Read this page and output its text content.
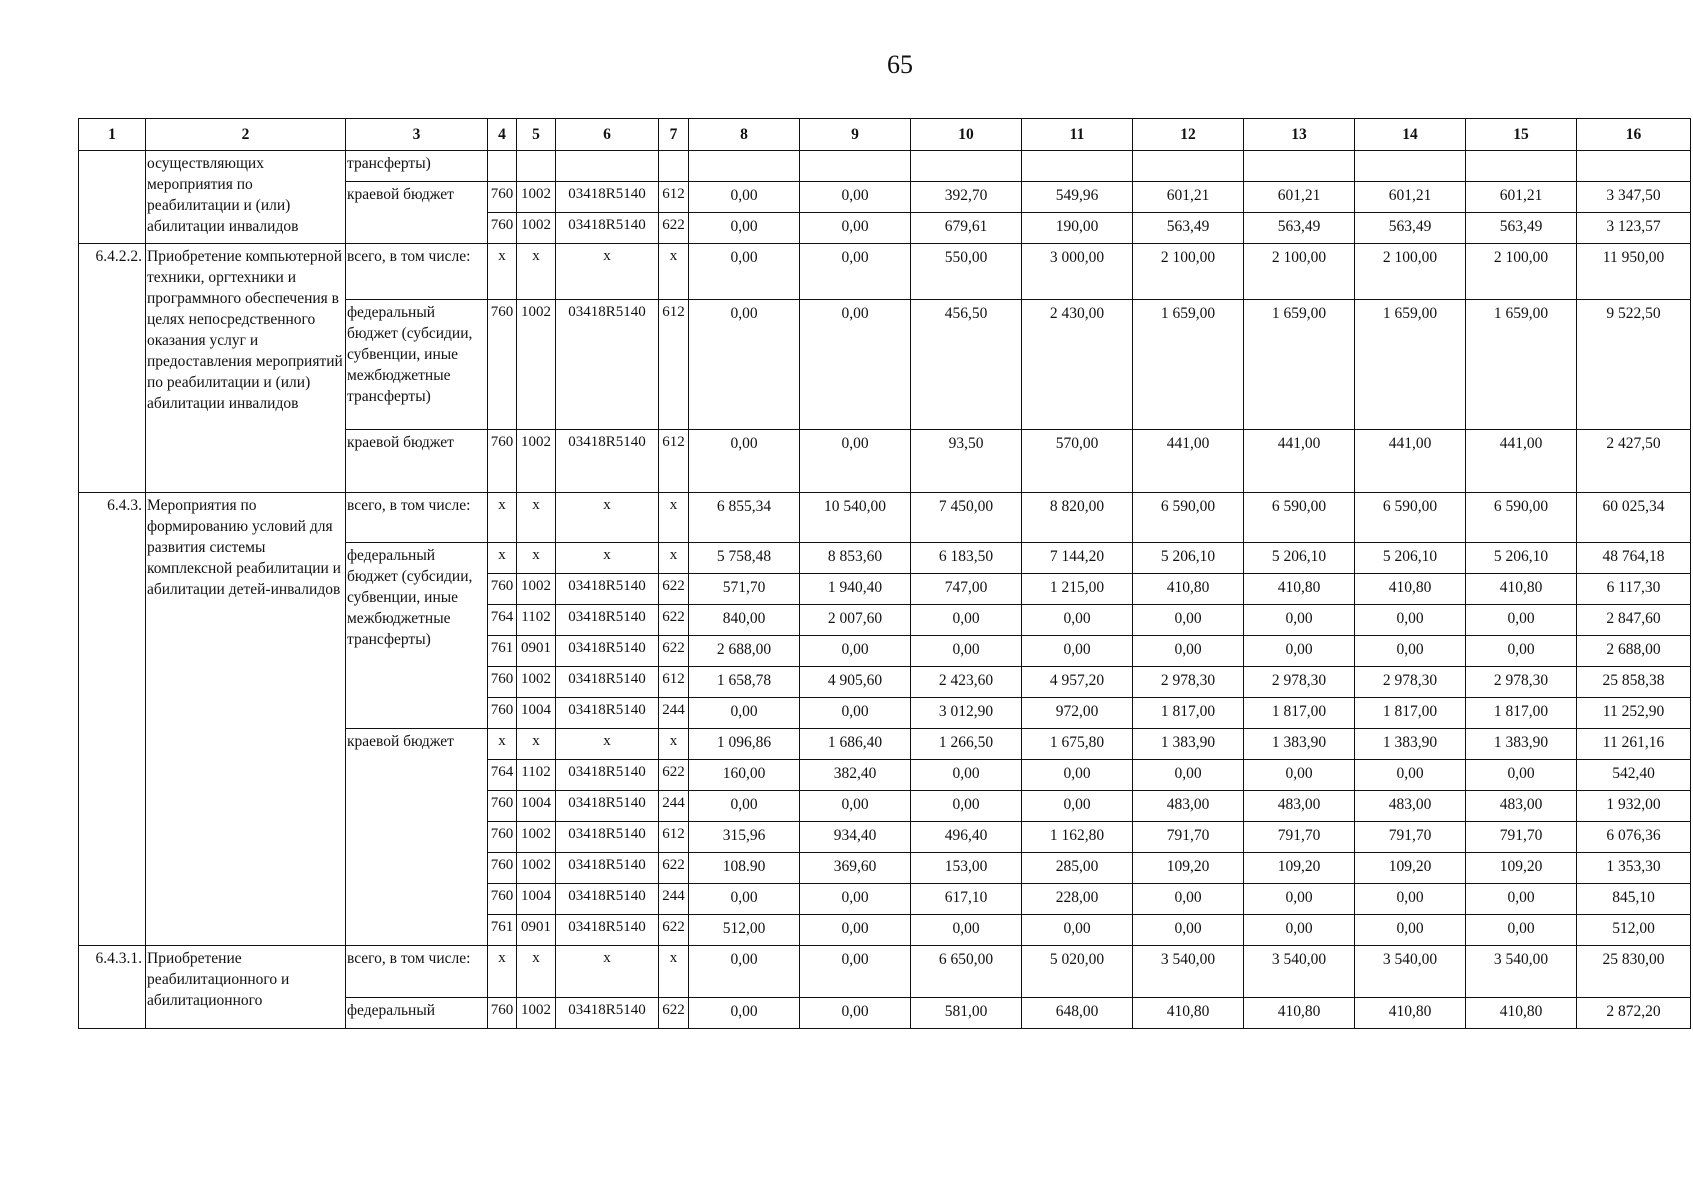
65
1	2	3	4	5	6	7	8	9	10	11	12	13	14	15	16
	осуществляющих мероприятия по реабилитации и (или) абилитации инвалидов	трансферты)													
		краевой бюджет	760	1002	03418R5140	612	0,00	0,00	392,70	549,96	601,21	601,21	601,21	601,21	3 347,50
			760	1002	03418R5140	622	0,00	0,00	679,61	190,00	563,49	563,49	563,49	563,49	3 123,57
6.4.2.2.	Приобретение компьютерной техники, оргтехники и программного обеспечения в целях непосредственного оказания услуг и предоставления мероприятий по реабилитации и (или) абилитации инвалидов	всего, в том числе:	x	x	x	x	0,00	0,00	550,00	3 000,00	2 100,00	2 100,00	2 100,00	2 100,00	11 950,00
		федеральный бюджет (субсидии, субвенции, иные межбюджетные трансферты)	760	1002	03418R5140	612	0,00	0,00	456,50	2 430,00	1 659,00	1 659,00	1 659,00	1 659,00	9 522,50
		краевой бюджет	760	1002	03418R5140	612	0,00	0,00	93,50	570,00	441,00	441,00	441,00	441,00	2 427,50
6.4.3.	Мероприятия по формированию условий для развития системы комплексной реабилитации и абилитации детей-инвалидов	всего, в том числе:	x	x	x	x	6 855,34	10 540,00	7 450,00	8 820,00	6 590,00	6 590,00	6 590,00	6 590,00	60 025,34
		федеральный бюджет (субсидии, субвенции, иные межбюджетные трансферты)	x	x	x	x	5 758,48	8 853,60	6 183,50	7 144,20	5 206,10	5 206,10	5 206,10	5 206,10	48 764,18
			760	1002	03418R5140	622	571,70	1 940,40	747,00	1 215,00	410,80	410,80	410,80	410,80	6 117,30
			764	1102	03418R5140	622	840,00	2 007,60	0,00	0,00	0,00	0,00	0,00	0,00	2 847,60
			761	0901	03418R5140	622	2 688,00	0,00	0,00	0,00	0,00	0,00	0,00	0,00	2 688,00
			760	1002	03418R5140	612	1 658,78	4 905,60	2 423,60	4 957,20	2 978,30	2 978,30	2 978,30	2 978,30	25 858,38
			760	1004	03418R5140	244	0,00	0,00	3 012,90	972,00	1 817,00	1 817,00	1 817,00	1 817,00	11 252,90
		краевой бюджет	x	x	x	x	1 096,86	1 686,40	1 266,50	1 675,80	1 383,90	1 383,90	1 383,90	1 383,90	11 261,16
			764	1102	03418R5140	622	160,00	382,40	0,00	0,00	0,00	0,00	0,00	0,00	542,40
			760	1004	03418R5140	244	0,00	0,00	0,00	0,00	483,00	483,00	483,00	483,00	1 932,00
			760	1002	03418R5140	612	315,96	934,40	496,40	1 162,80	791,70	791,70	791,70	791,70	6 076,36
			760	1002	03418R5140	622	108.90	369,60	153,00	285,00	109,20	109,20	109,20	109,20	1 353,30
			760	1004	03418R5140	244	0,00	0,00	617,10	228,00	0,00	0,00	0,00	0,00	845,10
			761	0901	03418R5140	622	512,00	0,00	0,00	0,00	0,00	0,00	0,00	0,00	512,00
6.4.3.1.	Приобретение реабилитационного и абилитационного	всего, в том числе:	x	x	x	x	0,00	0,00	6 650,00	5 020,00	3 540,00	3 540,00	3 540,00	3 540,00	25 830,00
		федеральный	760	1002	03418R5140	622	0,00	0,00	581,00	648,00	410,80	410,80	410,80	410,80	2 872,20
